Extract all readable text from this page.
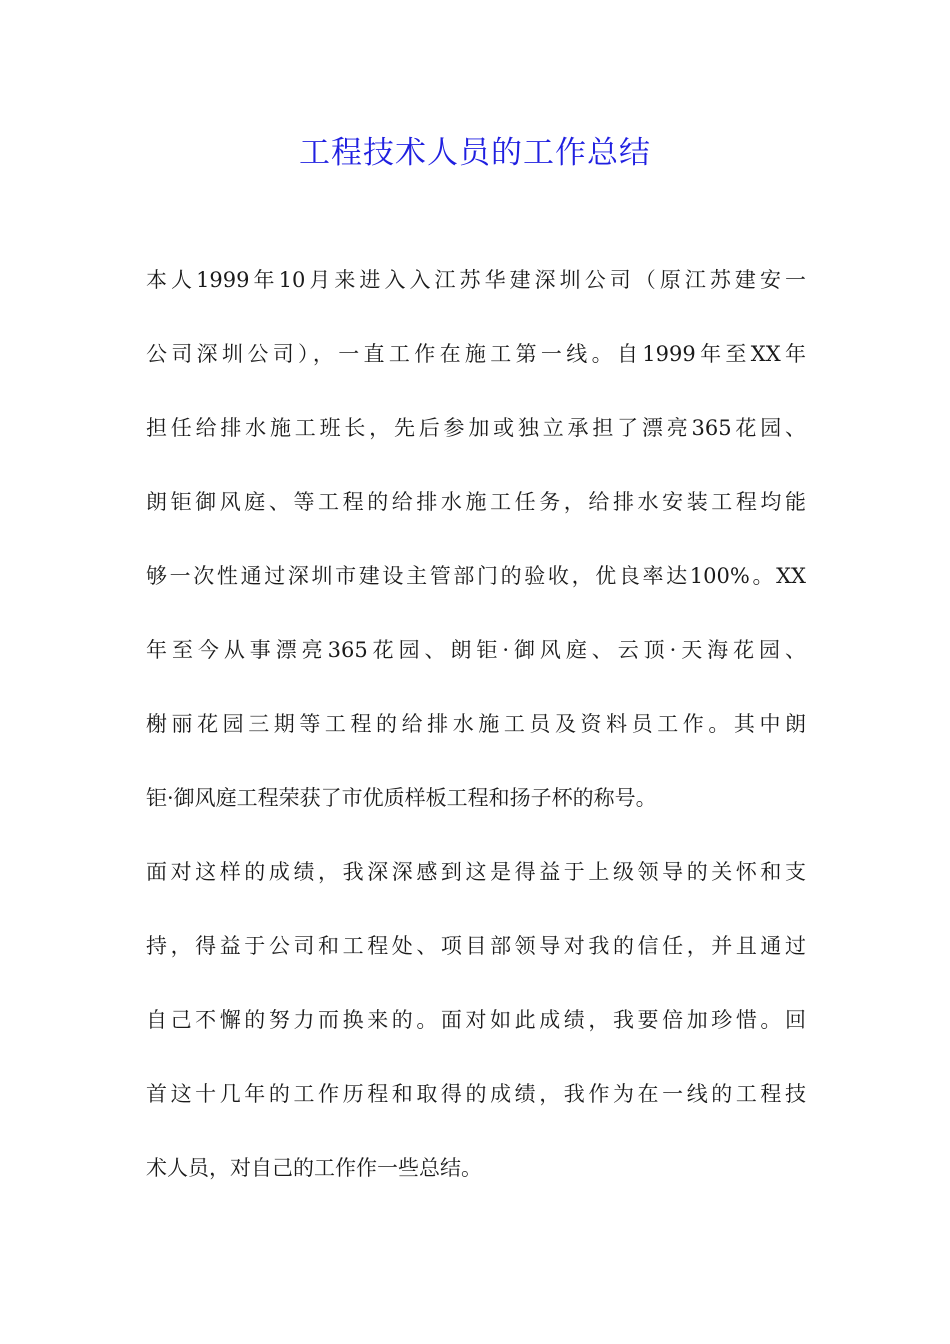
工程技术人员的工作总结
本人1999年10月来进入入江苏华建深圳公司（原江苏建安一
公司深圳公司），一直工作在施工第一线。自1999年至XX年
担任给排水施工班长，先后参加或独立承担了漂亮365花园、
朗钜御风庭、等工程的给排水施工任务，给排水安装工程均能
够一次性通过深圳市建设主管部门的验收，优良率达100%。XX
年至今从事漂亮365花园、朗钜·御风庭、云顶·天海花园、
榭丽花园三期等工程的给排水施工员及资料员工作。其中朗
钜·御风庭工程荣获了市优质样板工程和扬子杯的称号。
面对这样的成绩，我深深感到这是得益于上级领导的关怀和支
持，得益于公司和工程处、项目部领导对我的信任，并且通过
自己不懈的努力而换来的。面对如此成绩，我要倍加珍惜。回
首这十几年的工作历程和取得的成绩，我作为在一线的工程技
术人员，对自己的工作作一些总结。
